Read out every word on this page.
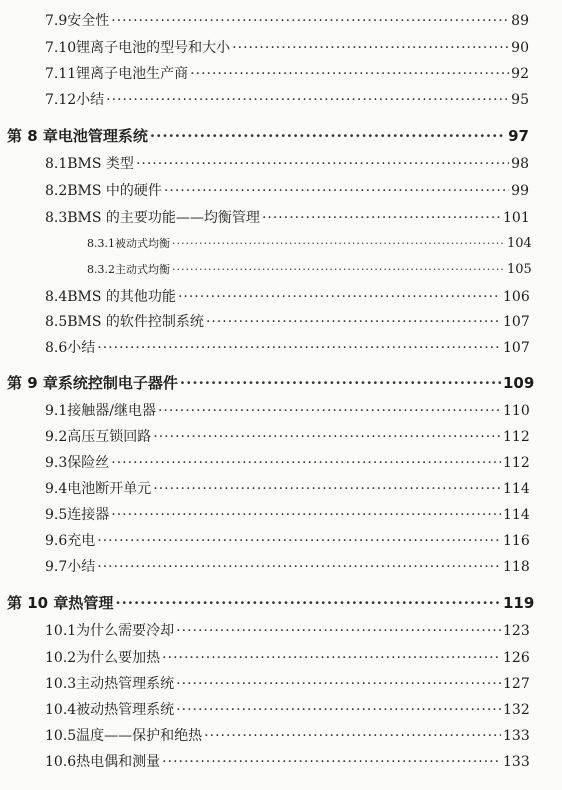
7.9 安全性 ·····	89
7.10 锂离子电池的型号和大小 ·····	90
7.11 锂离子电池生产商 ·····	92
7.12 小结 ·····	95
第 8 章 电池管理系统 ·····	97
8.1 BMS 类型 ·····	98
8.2 BMS 中的硬件 ·····	99
8.3 BMS 的主要功能——均衡管理 ·····	101
8.3.1 被动式均衡 ·····	104
8.3.2 主动式均衡 ·····	105
8.4 BMS 的其他功能 ·····	106
8.5 BMS 的软件控制系统 ·····	107
8.6 小结 ·····	107
第 9 章 系统控制电子器件 ·····	109
9.1 接触器/继电器 ·····	110
9.2 高压互锁回路 ·····	112
9.3 保险丝 ·····	112
9.4 电池断开单元 ·····	114
9.5 连接器 ·····	114
9.6 充电 ·····	116
9.7 小结 ·····	118
第 10 章 热管理 ·····	119
10.1 为什么需要冷却 ·····	123
10.2 为什么要加热 ·····	126
10.3 主动热管理系统 ·····	127
10.4 被动热管理系统 ·····	132
10.5 温度——保护和绝热 ·····	133
10.6 热电偶和测量 ·····	133
